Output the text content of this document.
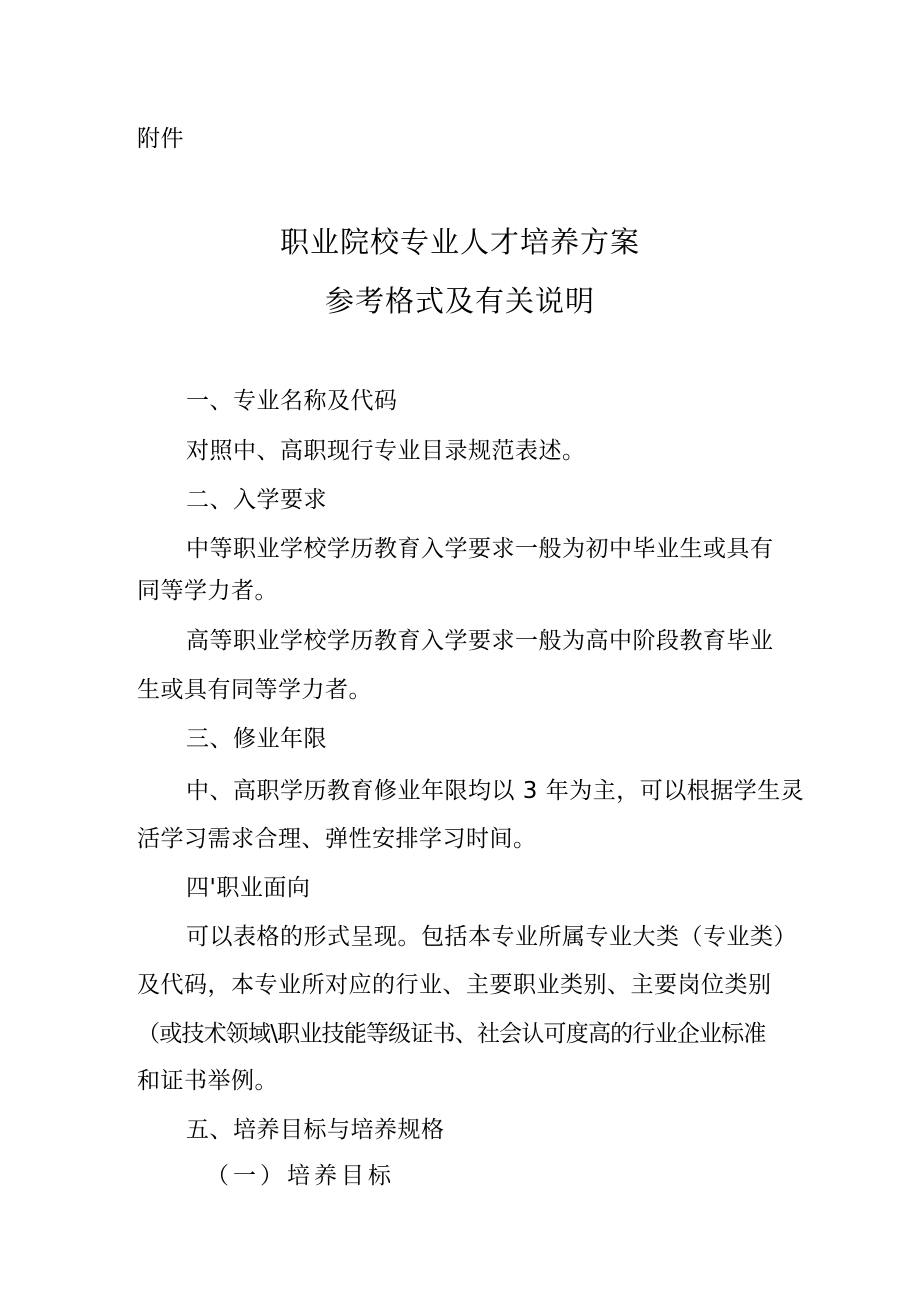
附件
职业院校专业人才培养方案
参考格式及有关说明
一、专业名称及代码
对照中、高职现行专业目录规范表述。
二、入学要求
中等职业学校学历教育入学要求一般为初中毕业生或具有
同等学力者。
高等职业学校学历教育入学要求一般为高中阶段教育毕业
生或具有同等学力者。
三、修业年限
中、高职学历教育修业年限均以 3 年为主，可以根据学生灵
活学习需求合理、弹性安排学习时间。
四'职业面向
可以表格的形式呈现。包括本专业所属专业大类（专业类）
及代码，本专业所对应的行业、主要职业类别、主要岗位类别
（或技术领域\职业技能等级证书、社会认可度高的行业企业标准
和证书举例。
五、培养目标与培养规格
（一）培养目标
